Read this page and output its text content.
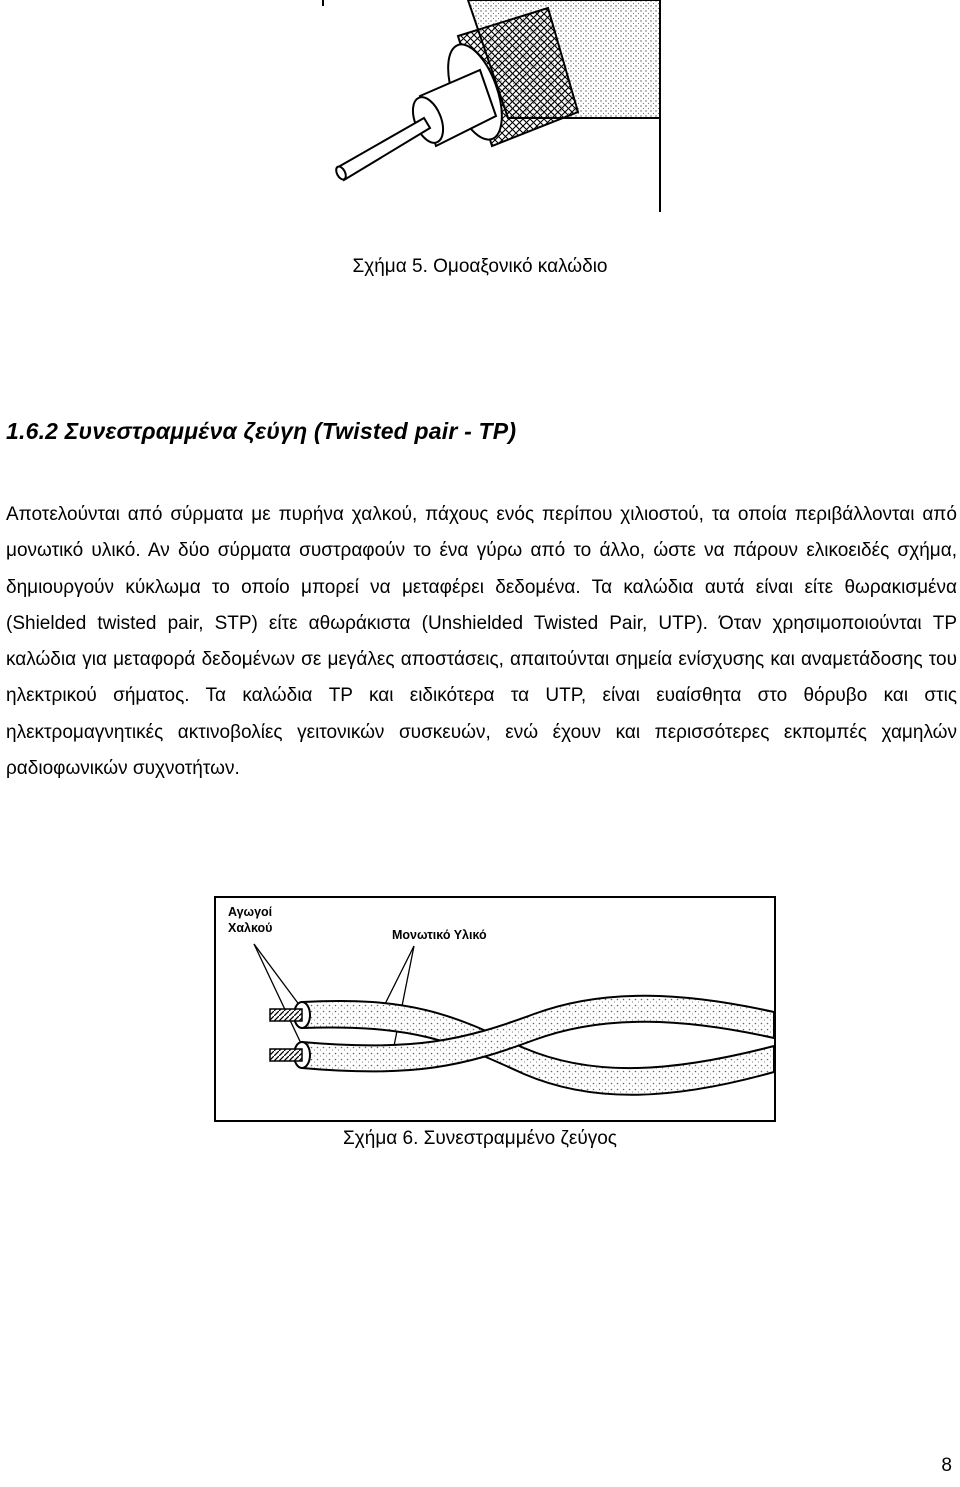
Σχήμα 5. Ομοαξονικό καλώδιο
1.6.2 Συνεστραμμένα ζεύγη (Twisted pair - TP)

Αποτελούνται από σύρματα με πυρήνα χαλκού, πάχους ενός περίπου χιλιοστού, τα οποία περιβάλλονται από μονωτικό υλικό. Αν δύο σύρματα συστραφούν το ένα γύρω από το άλλο, ώστε να πάρουν ελικοειδές σχήμα, δημιουργούν κύκλωμα το οποίο μπορεί να μεταφέρει δεδομένα. Τα καλώδια αυτά είναι είτε θωρακισμένα (Shielded twisted pair, STP) είτε αθωράκιστα (Unshielded Twisted Pair, UTP). Όταν χρησιμοποιούνται TP καλώδια για μεταφορά δεδομένων σε μεγάλες αποστάσεις, απαιτούνται σημεία ενίσχυσης και αναμετάδοσης του ηλεκτρικού σήματος. Τα καλώδια TP και ειδικότερα τα UTP, είναι ευαίσθητα στο θόρυβο και στις ηλεκτρομαγνητικές ακτινοβολίες γειτονικών συσκευών, ενώ έχουν και περισσότερες εκπομπές χαμηλών ραδιοφωνικών συχνοτήτων.

Αγωγοί
Χαλκού	Μονωτικό Υλικό
Σχήμα 6. Συνεστραμμένο ζεύγος
8
